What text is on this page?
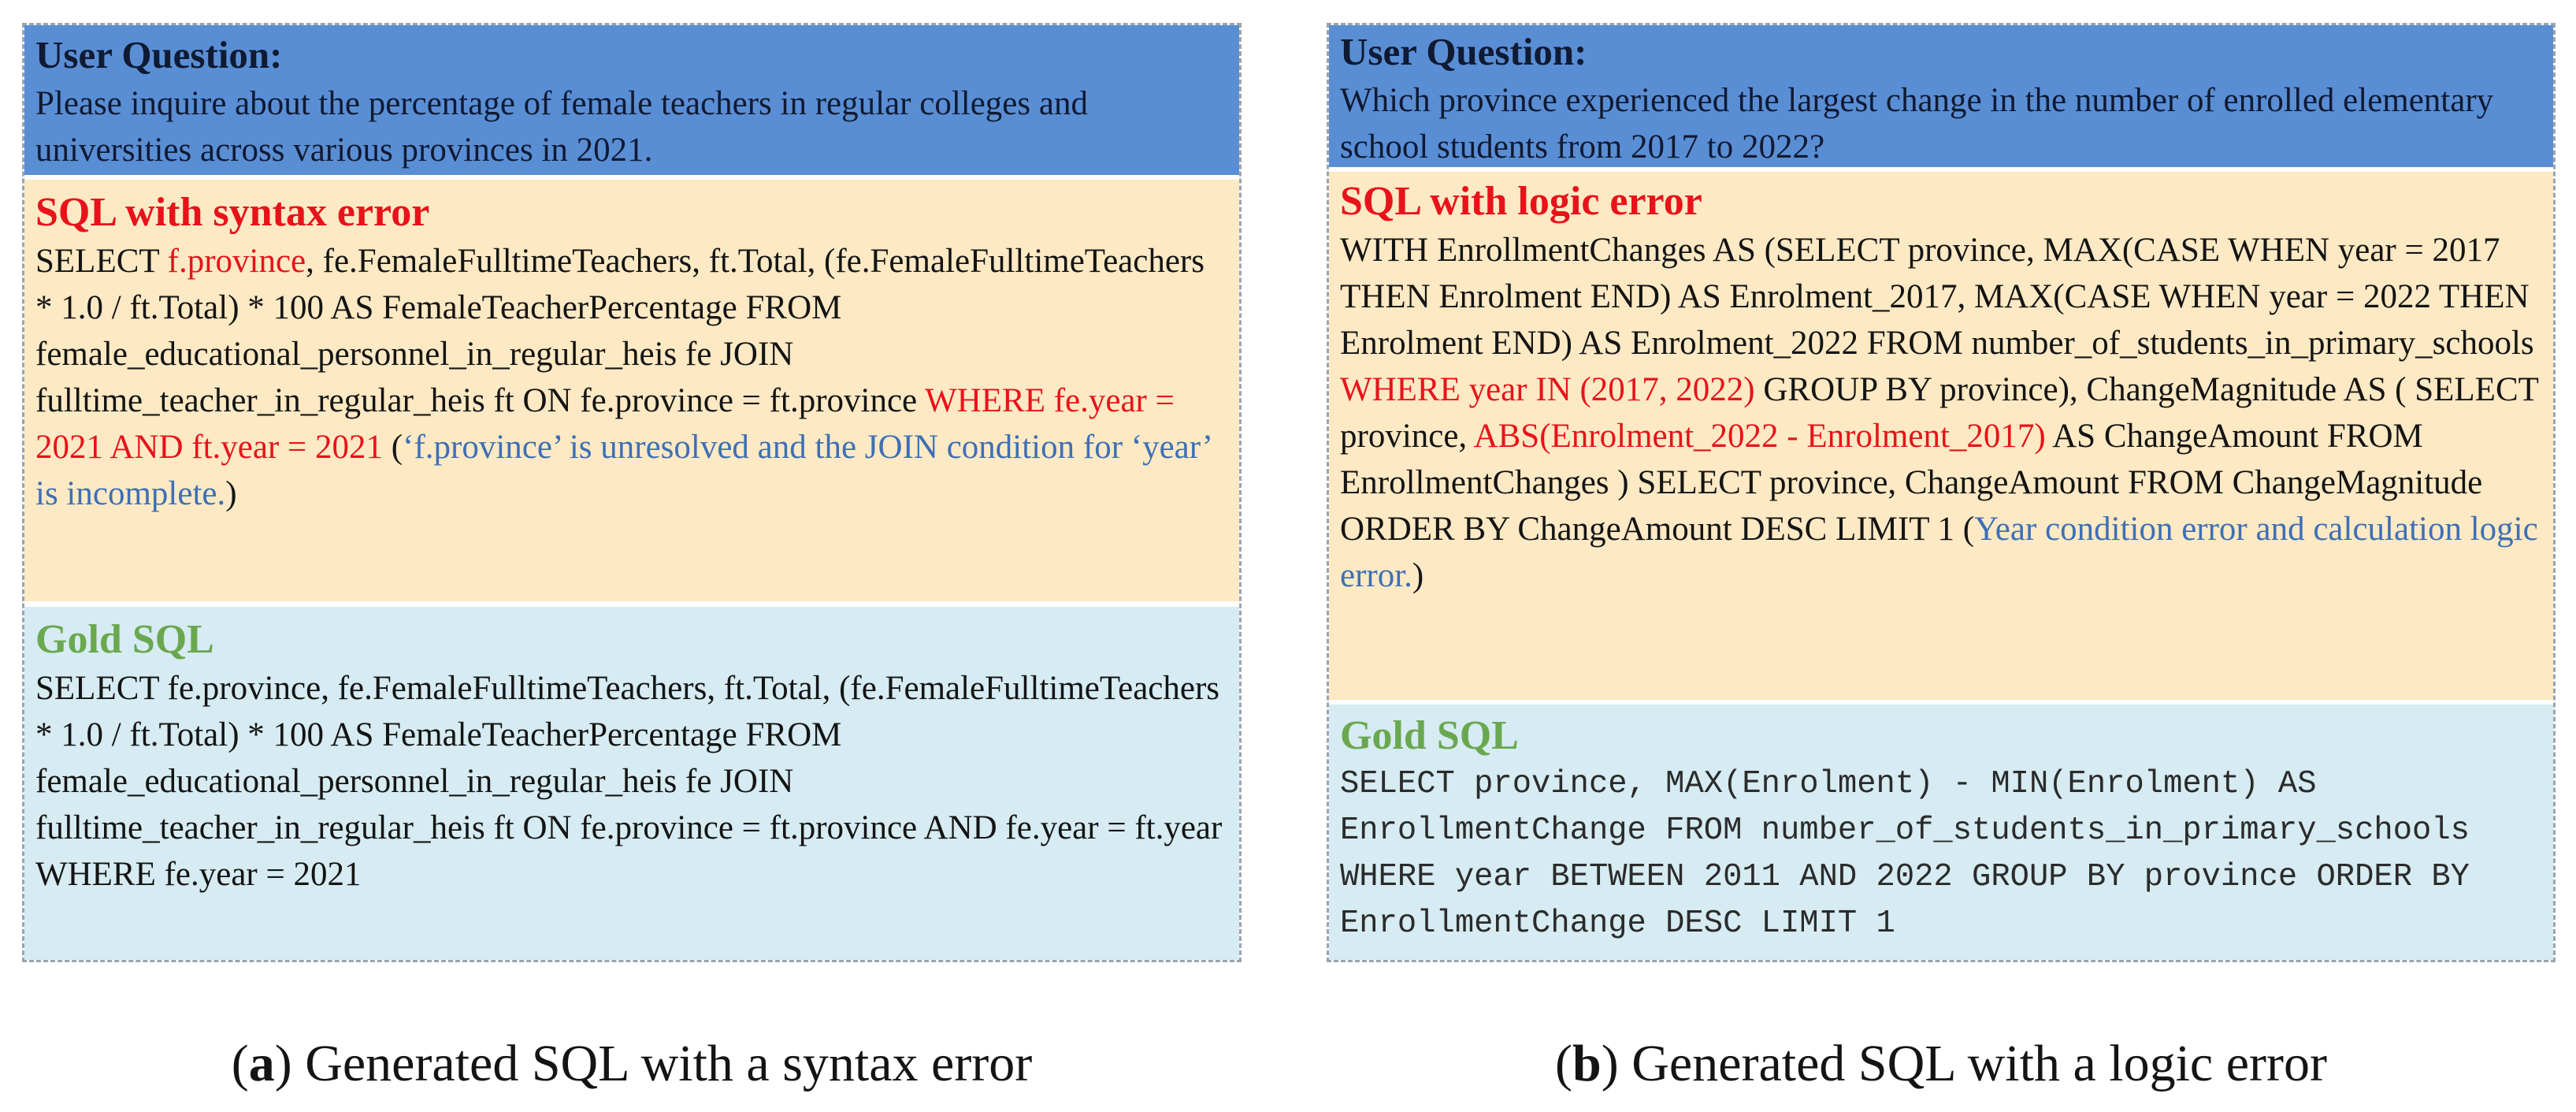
User Question:
Please inquire about the percentage of female teachers in regular colleges and universities across various provinces in 2021.
SQL with syntax error
SELECT f.province, fe.FemaleFulltimeTeachers, ft.Total, (fe.FemaleFulltimeTeachers * 1.0 / ft.Total) * 100 AS FemaleTeacherPercentage FROM female_educational_personnel_in_regular_heis fe JOIN fulltime_teacher_in_regular_heis ft ON fe.province = ft.province WHERE fe.year = 2021 AND ft.year = 2021 (‘f.province’ is unresolved and the JOIN condition for ‘year’ is incomplete.)
Gold SQL
SELECT fe.province, fe.FemaleFulltimeTeachers, ft.Total, (fe.FemaleFulltimeTeachers * 1.0 / ft.Total) * 100 AS FemaleTeacherPercentage FROM female_educational_personnel_in_regular_heis fe JOIN fulltime_teacher_in_regular_heis ft ON fe.province = ft.province AND fe.year = ft.year WHERE fe.year = 2021
User Question:
Which province experienced the largest change in the number of enrolled elementary school students from 2017 to 2022?
SQL with logic error
WITH EnrollmentChanges AS (SELECT province, MAX(CASE WHEN year = 2017 THEN Enrolment END) AS Enrolment_2017, MAX(CASE WHEN year = 2022 THEN Enrolment END) AS Enrolment_2022 FROM number_of_students_in_primary_schools WHERE year IN (2017, 2022) GROUP BY province), ChangeMagnitude AS ( SELECT province, ABS(Enrolment_2022 - Enrolment_2017) AS ChangeAmount FROM EnrollmentChanges ) SELECT province, ChangeAmount FROM ChangeMagnitude ORDER BY ChangeAmount DESC LIMIT 1 (Year condition error and calculation logic error.)
Gold SQL
SELECT province, MAX(Enrolment) - MIN(Enrolment) AS EnrollmentChange FROM number_of_students_in_primary_schools WHERE year BETWEEN 2011 AND 2022 GROUP BY province ORDER BY EnrollmentChange DESC LIMIT 1
(a) Generated SQL with a syntax error	(b) Generated SQL with a logic error
